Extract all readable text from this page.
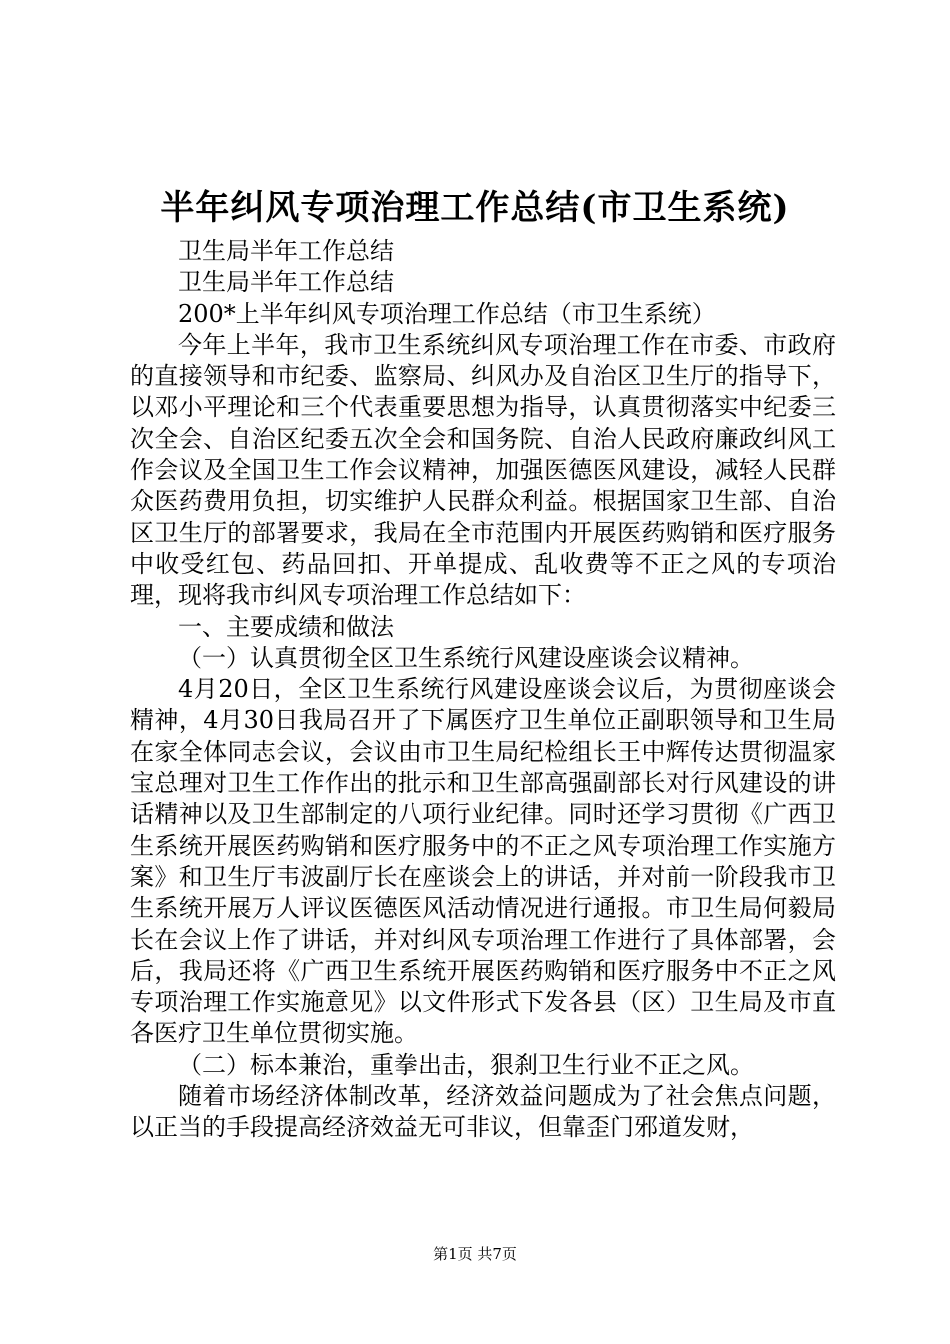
半年纠风专项治理工作总结(市卫生系统)

卫生局半年工作总结

卫生局半年工作总结

200*上半年纠风专项治理工作总结（市卫生系统）

今年上半年，我市卫生系统纠风专项治理工作在市委、市政府的直接领导和市纪委、监察局、纠风办及自治区卫生厅的指导下，以邓小平理论和三个代表重要思想为指导，认真贯彻落实中纪委三次全会、自治区纪委五次全会和国务院、自治人民政府廉政纠风工作会议及全国卫生工作会议精神，加强医德医风建设，减轻人民群众医药费用负担，切实维护人民群众利益。根据国家卫生部、自治区卫生厅的部署要求，我局在全市范围内开展医药购销和医疗服务中收受红包、药品回扣、开单提成、乱收费等不正之风的专项治理，现将我市纠风专项治理工作总结如下：

一、主要成绩和做法

（一）认真贯彻全区卫生系统行风建设座谈会议精神。

4月20日，全区卫生系统行风建设座谈会议后，为贯彻座谈会精神，4月30日我局召开了下属医疗卫生单位正副职领导和卫生局在家全体同志会议，会议由市卫生局纪检组长王中辉传达贯彻温家宝总理对卫生工作作出的批示和卫生部高强副部长对行风建设的讲话精神以及卫生部制定的八项行业纪律。同时还学习贯彻《广西卫生系统开展医药购销和医疗服务中的不正之风专项治理工作实施方案》和卫生厅韦波副厅长在座谈会上的讲话，并对前一阶段我市卫生系统开展万人评议医德医风活动情况进行通报。市卫生局何毅局长在会议上作了讲话，并对纠风专项治理工作进行了具体部署，会后，我局还将《广西卫生系统开展医药购销和医疗服务中不正之风专项治理工作实施意见》以文件形式下发各县（区）卫生局及市直各医疗卫生单位贯彻实施。

（二）标本兼治，重拳出击，狠刹卫生行业不正之风。

随着市场经济体制改革，经济效益问题成为了社会焦点问题，以正当的手段提高经济效益无可非议，但靠歪门邪道发财，

第1页 共7页
